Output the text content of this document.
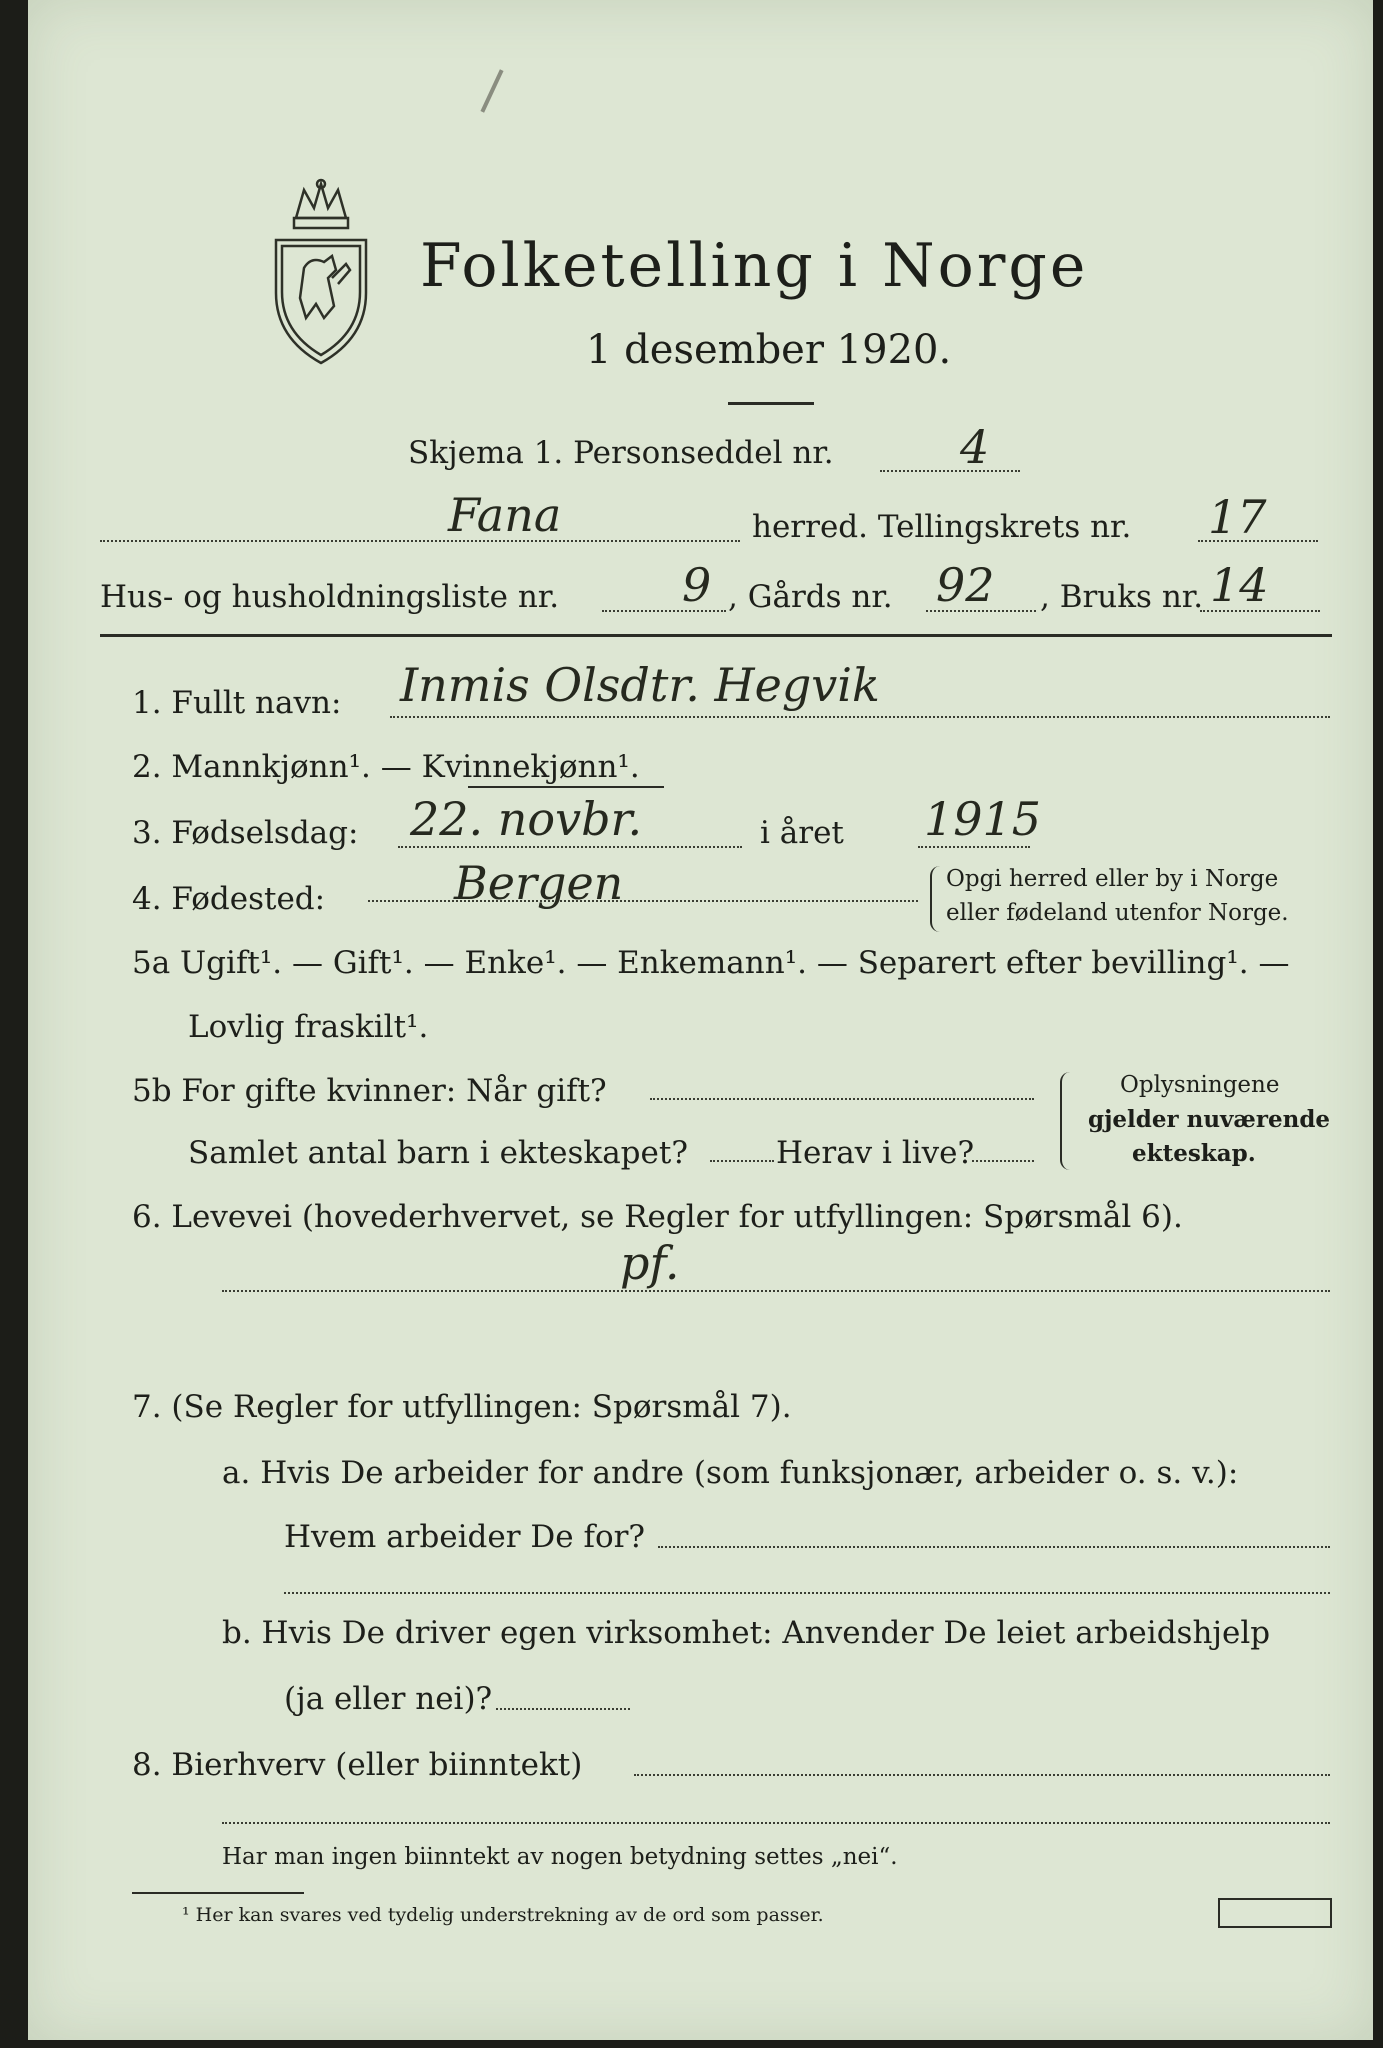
Folketelling i Norge
1 desember 1920.
Skjema 1. Personseddel nr.	4
Fana	herred. Tellingskrets nr. 17
Hus- og husholdningsliste nr.	9 , Gårds nr. 92 , Bruks nr. 14
1. Fullt navn: Inmis Olsdtr. Hegvik
2. Mannkjønn¹. — Kvinnekjønn¹.
3. Fødselsdag: 22. novbr.	i året 1915
4. Fødested:	Bergen	Opgi herred eller by i Norge
eller fødeland utenfor Norge.
5a Ugift¹. — Gift¹. — Enke¹. — Enkemann¹. — Separert efter bevilling¹. —
Lovlig fraskilt¹.
5b For gifte kvinner: Når gift?
Samlet antal barn i ekteskapet?	Herav i live?
Oplysningene
gjelder nuværende
ekteskap.
6. Levevei (hovederhvervet, se Regler for utfyllingen: Spørsmål 6).
pf.
7. (Se Regler for utfyllingen: Spørsmål 7).
a. Hvis De arbeider for andre (som funksjonær, arbeider o. s. v.):
Hvem arbeider De for?
b. Hvis De driver egen virksomhet: Anvender De leiet arbeidshjelp
(ja eller nei)?
8. Bierhverv (eller biinntekt)
Har man ingen biinntekt av nogen betydning settes „nei“.
¹ Her kan svares ved tydelig understrekning av de ord som passer.
